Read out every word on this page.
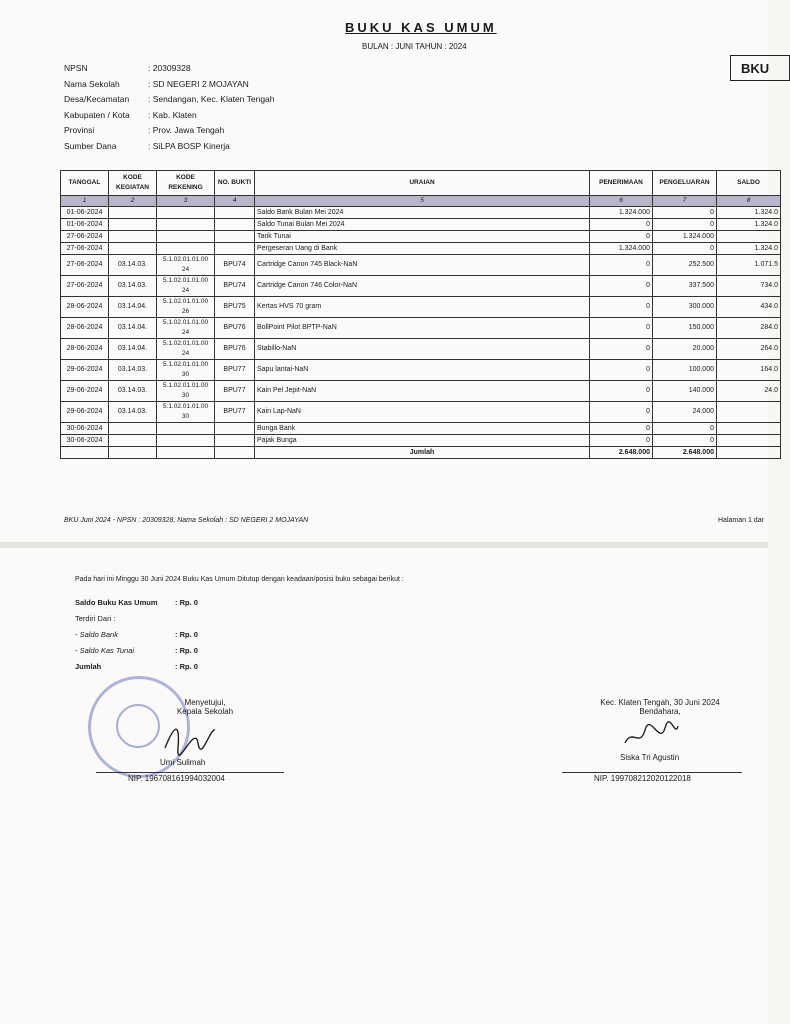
BUKU KAS UMUM
BULAN : JUNI TAHUN : 2024
BKU
NPSN	: 20309328
Nama Sekolah	: SD NEGERI 2 MOJAYAN
Desa/Kecamatan	: Sendangan, Kec. Klaten Tengah
Kabupaten / Kota	: Kab. Klaten
Provinsi	: Prov. Jawa Tengah
Sumber Dana	: SiLPA BOSP Kinerja
TANGGAL	KODE KEGIATAN	KODE REKENING	NO. BUKTI	URAIAN	PENERIMAAN	PENGELUARAN	SALDO
1	2	3	4	5	6	7	8
01-06-2024				Saldo Bank Bulan Mei 2024	1.324.000	0	1.324.0
01-06-2024				Saldo Tunai Bulan Mei 2024	0	0	1.324.0
27-06-2024				Tarik Tunai	0	1.324.000	
27-06-2024				Pergeseran Uang di Bank	1.324.000	0	1.324.0
27-06-2024	03.14.03.	5.1.02.01.01.00 24	BPU74	Cartridge Canon 745 Black-NaN	0	252.500	1.071.5
27-06-2024	03.14.03.	5.1.02.01.01.00 24	BPU74	Cartridge Canon 746 Color-NaN	0	337.500	734.0
28-06-2024	03.14.04.	5.1.02.01.01.00 26	BPU75	Kertas HVS 70 gram	0	300.000	434.0
28-06-2024	03.14.04.	5.1.02.01.01.00 24	BPU76	BollPoint Pilot BPTP-NaN	0	150.000	284.0
28-06-2024	03.14.04.	5.1.02.01.01.00 24	BPU76	Stabillo-NaN	0	20.000	264.0
29-06-2024	03.14.03.	5.1.02.01.01.00 30	BPU77	Sapu lantai-NaN	0	100.000	164.0
29-06-2024	03.14.03.	5.1.02.01.01.00 30	BPU77	Kain Pel Jepit-NaN	0	140.000	24.0
29-06-2024	03.14.03.	5.1.02.01.01.00 30	BPU77	Kain Lap-NaN	0	24.000	
30-06-2024				Bunga Bank	0	0	
30-06-2024				Pajak Bunga	0	0	
				Jumlah	2.648.000	2.648.000	
BKU Juni 2024 - NPSN : 20309328, Nama Sekolah : SD NEGERI 2 MOJAYAN	Halaman 1 dar
Pada hari ini Minggu 30 Juni 2024 Buku Kas Umum Ditutup dengan keadaan/posisi buku sebagai berikut :
Saldo Buku Kas Umum	: Rp. 0
Terdiri Dari :
- Saldo Bank	: Rp. 0
- Saldo Kas Tunai	: Rp. 0
Jumlah	: Rp. 0
Menyetujui,
Kepala Sekolah
Umi Sulimah
NIP. 196708161994032004
Kec. Klaten Tengah, 30 Juni 2024
Bendahara,
Siska Tri Agustin
NIP. 199708212020122018
